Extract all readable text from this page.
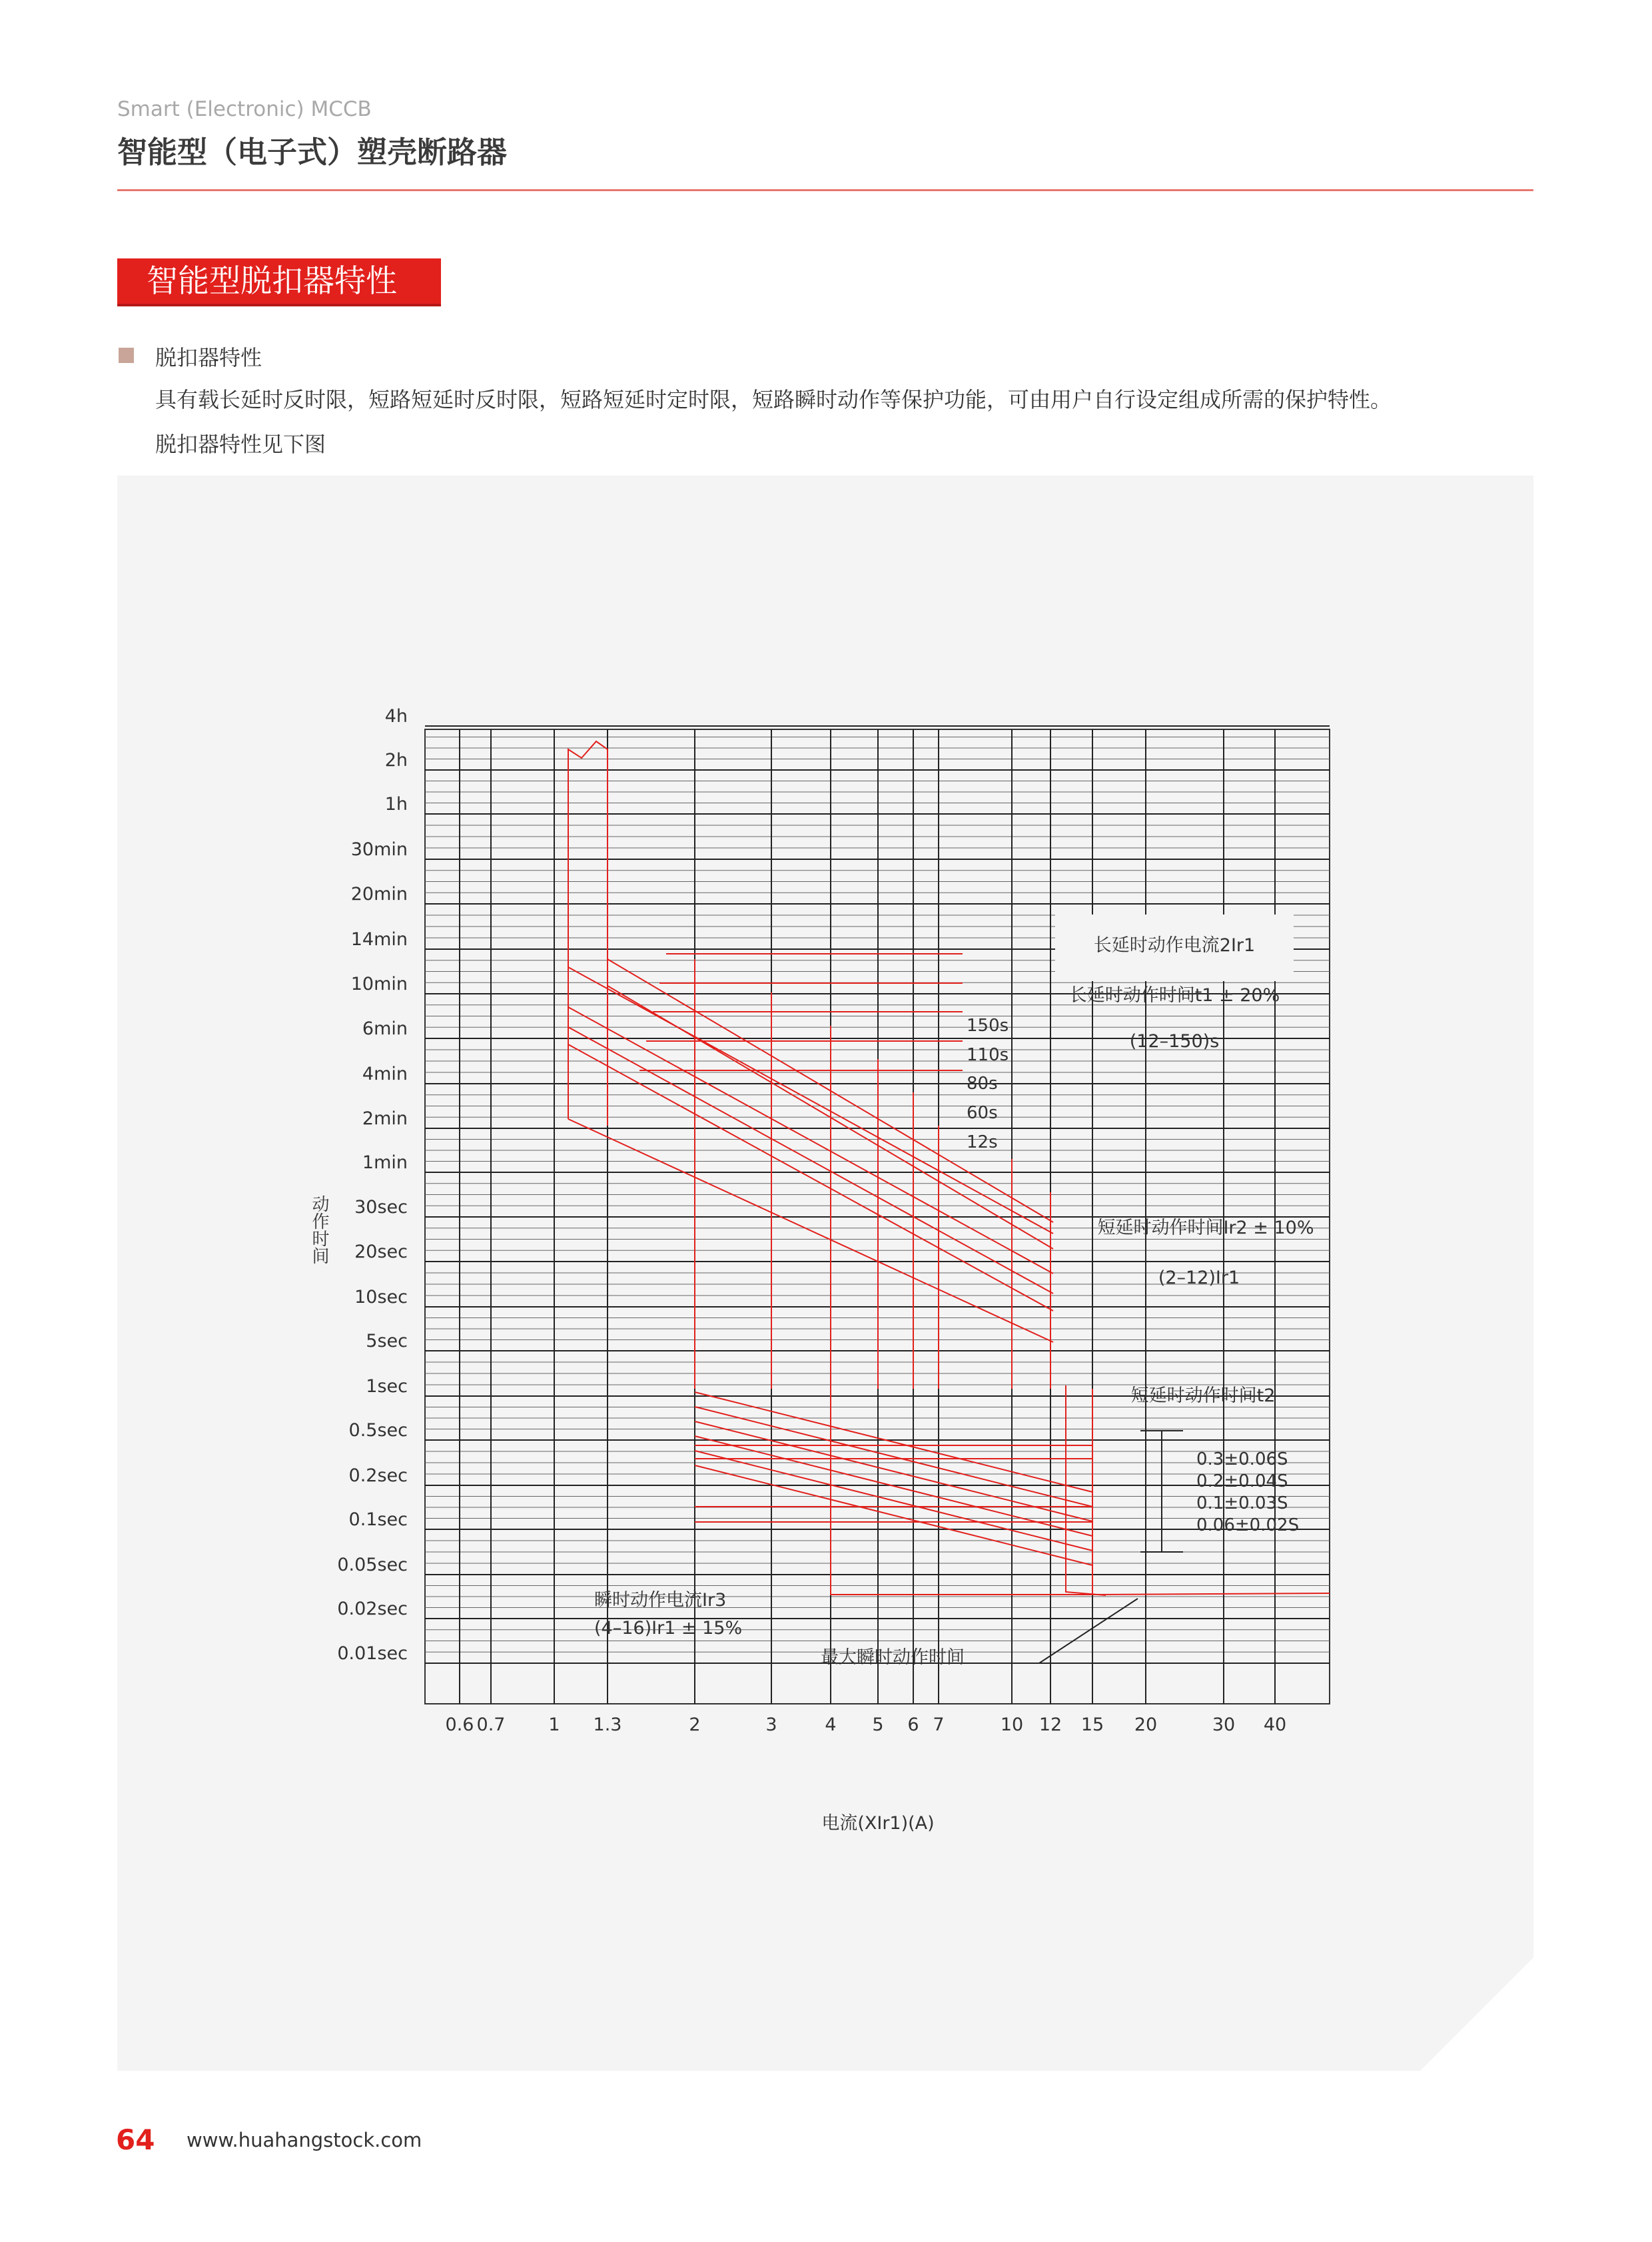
Smart (Electronic) MCCB
智能型（电子式）塑壳断路器
智能型脱扣器特性
脱扣器特性
具有载长延时反时限，短路短延时反时限，短路短延时定时限，短路瞬时动作等保护功能，可由用户自行设定组成所需的保护特性。
脱扣器特性见下图
4h
2h
1h
30min
20min
14min
10min
6min
4min
2min
1min
30sec
20sec
10sec
5sec
1sec
0.5sec
0.2sec
0.1sec
0.05sec
0.02sec
0.01sec
0.6 0.7 1 1.3	2	3	4 5 6 7	10 12 15 20	30 40
动作时间
电流(XIr1)(A)
长延时动作时间t1 ± 20%
(12–150)s
长延时动作电流2Ir1
短延时动作时间Ir2 ± 10%
(2–12)Ir1
短延时动作时间t2
0.3±0.06S
0.2±0.04S
0.1±0.03S
0.06±0.02S
瞬时动作电流Ir3
(4–16)Ir1 ± 15%
最大瞬时动作时间
150s
110s
80s
60s
12s
64 www.huahangstock.com
